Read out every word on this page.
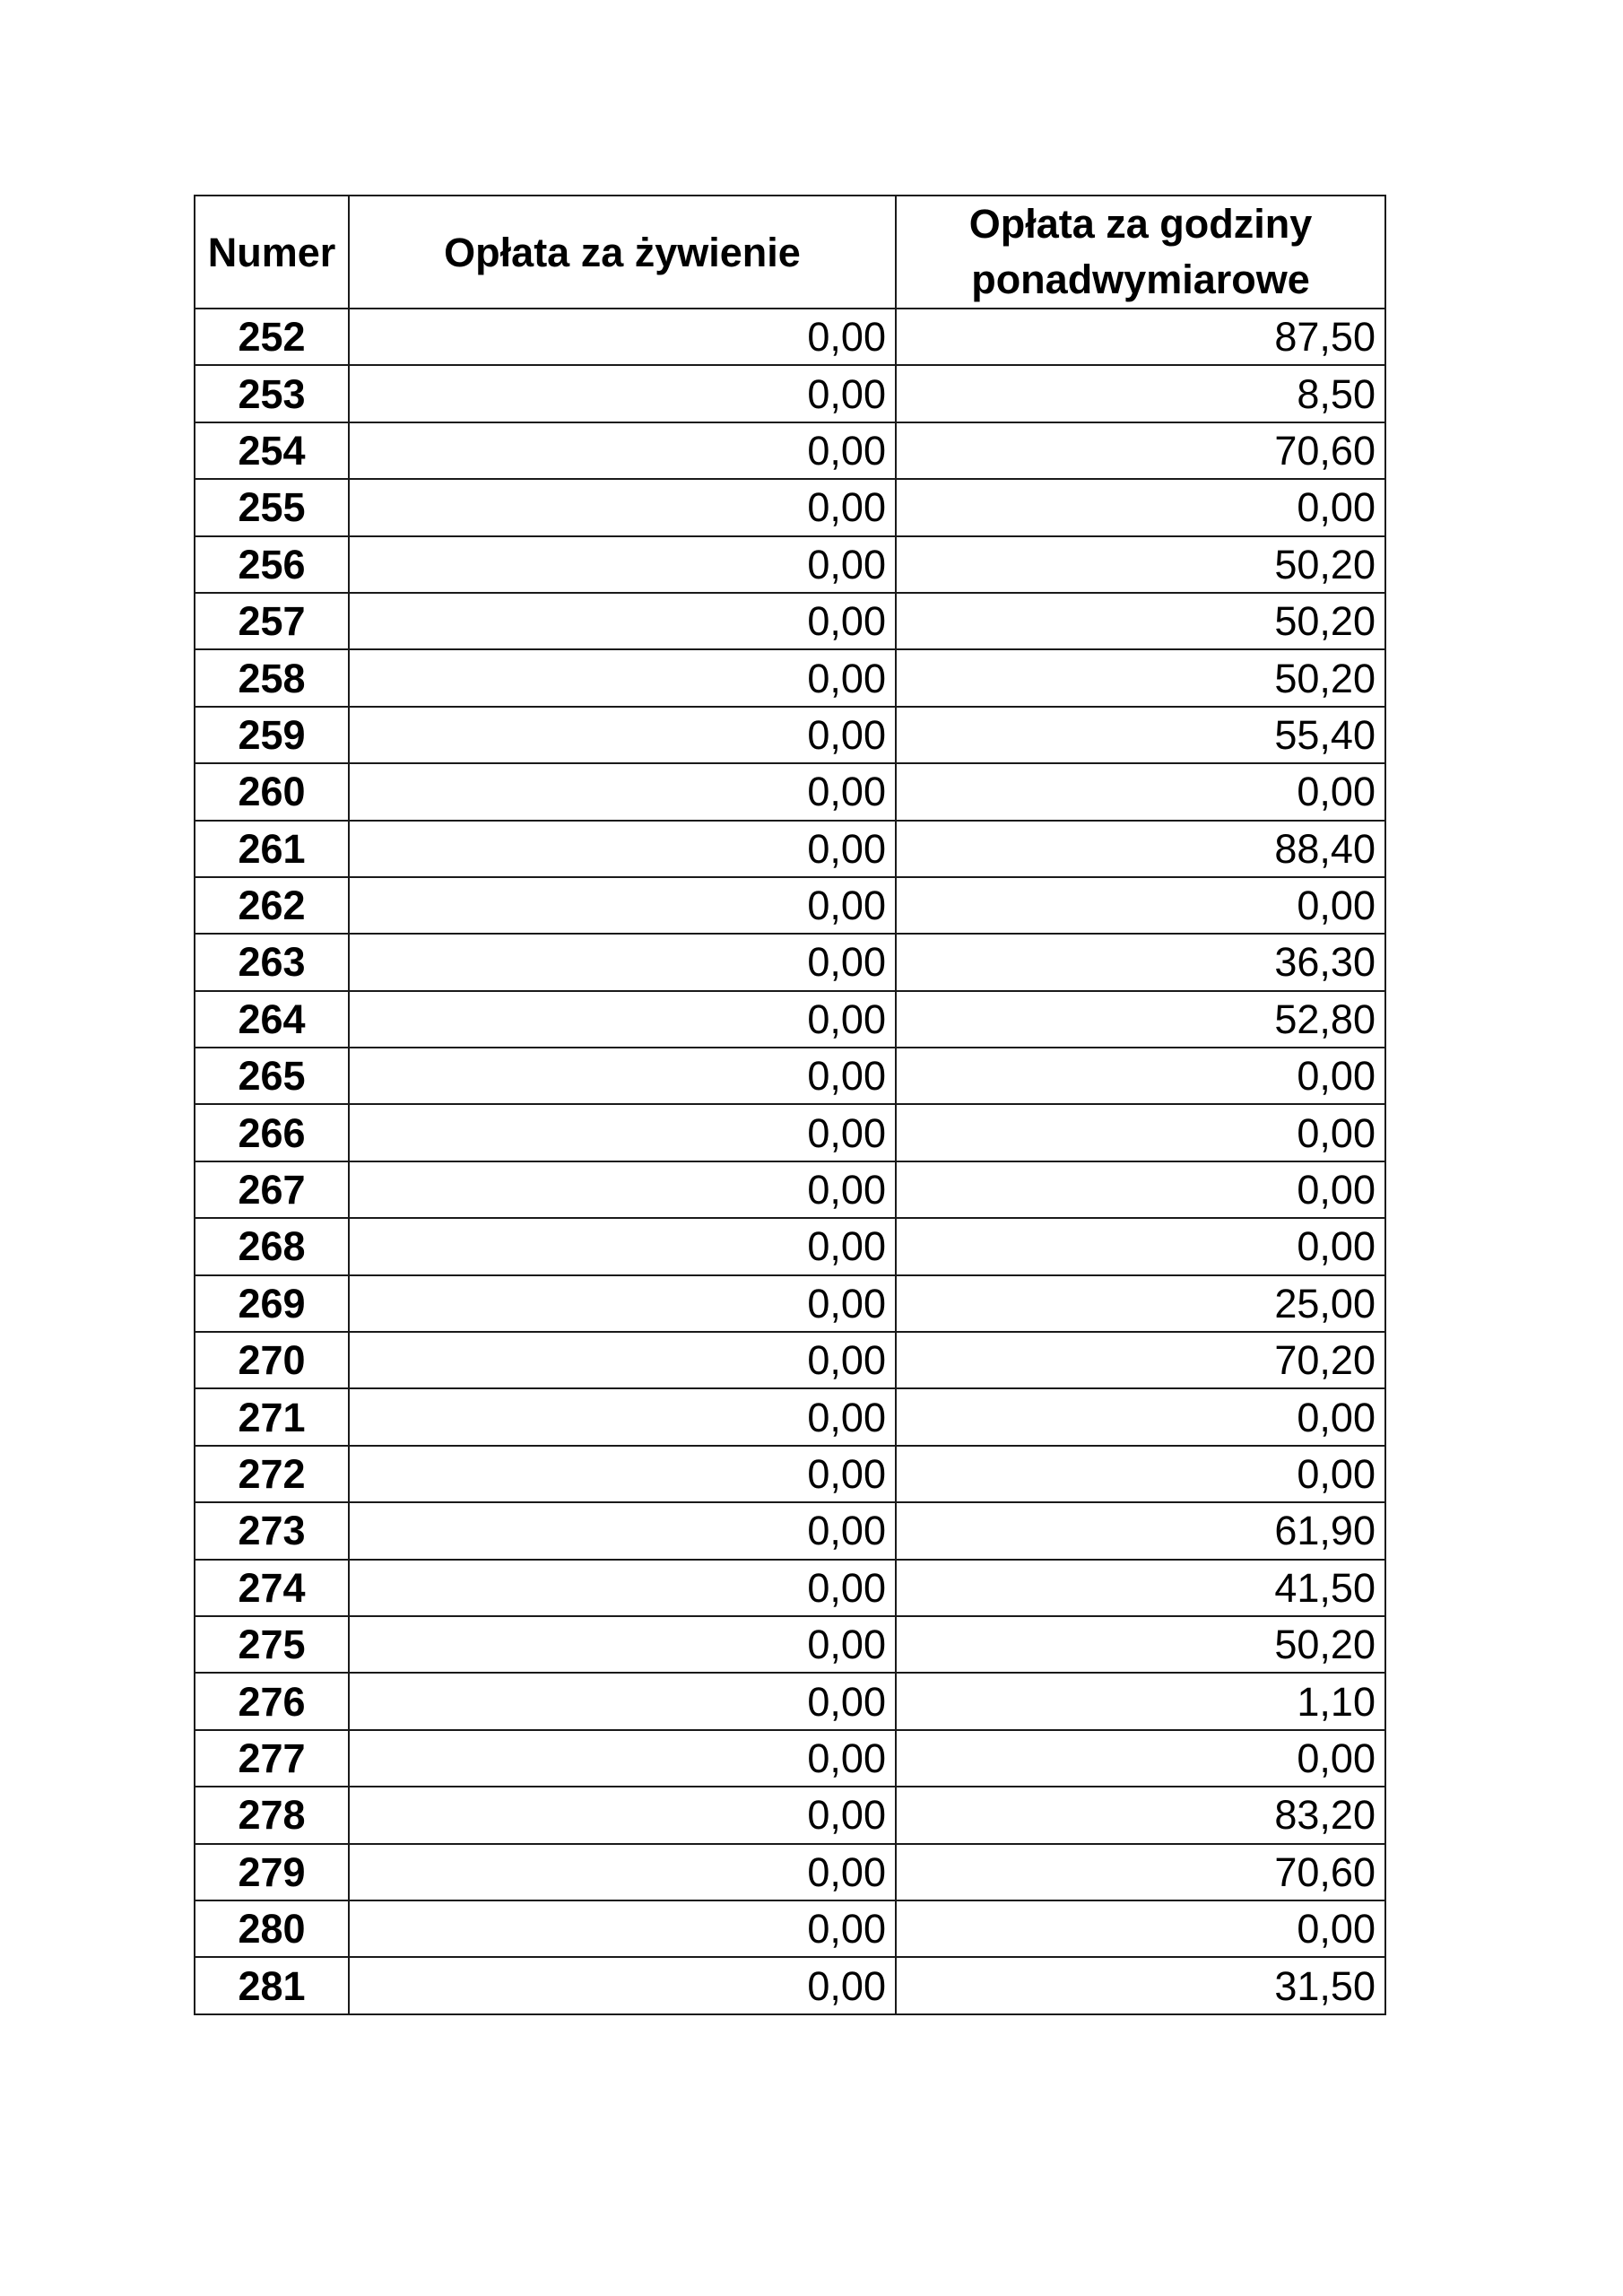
Numer	Opłata za żywienie	Opłata za godziny ponadwymiarowe
252	0,00	87,50
253	0,00	8,50
254	0,00	70,60
255	0,00	0,00
256	0,00	50,20
257	0,00	50,20
258	0,00	50,20
259	0,00	55,40
260	0,00	0,00
261	0,00	88,40
262	0,00	0,00
263	0,00	36,30
264	0,00	52,80
265	0,00	0,00
266	0,00	0,00
267	0,00	0,00
268	0,00	0,00
269	0,00	25,00
270	0,00	70,20
271	0,00	0,00
272	0,00	0,00
273	0,00	61,90
274	0,00	41,50
275	0,00	50,20
276	0,00	1,10
277	0,00	0,00
278	0,00	83,20
279	0,00	70,60
280	0,00	0,00
281	0,00	31,50
